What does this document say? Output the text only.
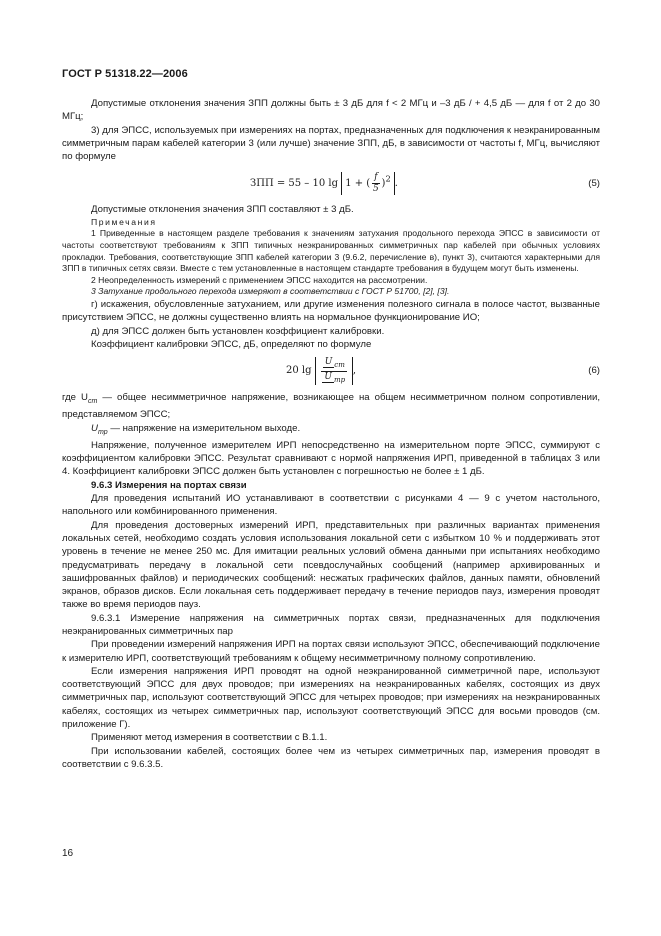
ГОСТ Р 51318.22—2006

Допустимые отклонения значения ЗПП должны быть ± 3 дБ для f < 2 МГц и –3 дБ / + 4,5 дБ — для f от 2 до 30 МГц;

3) для ЭПСС, используемых при измерениях на портах, предназначенных для подключения к неэкранированным симметричным парам кабелей категории 3 (или лучше) значение ЗПП, дБ, в зависимости от частоты f, МГц, вычисляют по формуле

ЗПП = 55 – 10 lg
1 + ( $\frac{f}{5} )^2$ .	(5)

Допустимые отклонения значения ЗПП составляют ± 3 дБ.

Примечания

1 Приведенные в настоящем разделе требования к значениям затухания продольного перехода ЭПСС в зависимости от частоты соответствуют требованиям к ЗПП типичных неэкранированных симметричных пар кабелей при обычных условиях прокладки. Требования, соответствующие ЗПП кабелей категории 3 (9.6.2, перечисление в), пункт 3), считаются характерными для ЗПП в типичных сетях связи. Вместе с тем установленные в настоящем стандарте требования в будущем могут быть изменены.

2 Неопределенность измерений с применением ЭПСС находится на рассмотрении.

3 Затухание продольного перехода измеряют в соответствии с ГОСТ Р 51700, [2], [3].

г) искажения, обусловленные затуханием, или другие изменения полезного сигнала в полосе частот, вызванные присутствием ЭПСС, не должны существенно влиять на нормальное функционирование ИО;

д) для ЭПСС должен быть установлен коэффициент калибровки.

Коэффициент калибровки ЭПСС, дБ, определяют по формуле

20 lg
$\frac{U _{cm}}{U _{mp}}$ ,	(6)

где $U_{cm}$ — общее несимметричное напряжение, возникающее на общем несимметричном полном сопротивлении, представляемом ЭПСС;

$U_{mp}$ — напряжение на измерительном выходе.

Напряжение, полученное измерителем ИРП непосредственно на измерительном порте ЭПСС, суммируют с коэффициентом калибровки ЭПСС. Результат сравнивают с нормой напряжения ИРП, приведенной в таблицах 3 или 4. Коэффициент калибровки ЭПСС должен быть установлен с погрешностью не более ± 1 дБ.

9.6.3 Измерения на портах связи

Для проведения испытаний ИО устанавливают в соответствии с рисунками 4 — 9 с учетом настольного, напольного или комбинированного применения.

Для проведения достоверных измерений ИРП, представительных при различных вариантах применения локальных сетей, необходимо создать условия использования локальной сети с избытком 10 % и поддерживать этот уровень в течение не менее 250 мс. Для имитации реальных условий обмена данными при испытаниях необходимо предусматривать передачу в локальной сети псевдослучайных сообщений (например архивированных и зашифрованных файлов) и периодических сообщений: несжатых графических файлов, данных памяти, обновлений экранов, образов дисков. Если локальная сеть поддерживает передачу в течение периодов пауз, измерения проводят также во время периодов пауз.

9.6.3.1 Измерение напряжения на симметричных портах связи, предназначенных для подключения неэкранированных симметричных пар

При проведении измерений напряжения ИРП на портах связи используют ЭПСС, обеспечивающий подключение к измерителю ИРП, соответствующий требованиям к общему несимметричному полному сопротивлению.

Если измерения напряжения ИРП проводят на одной неэкранированной симметричной паре, используют соответствующий ЭПСС для двух проводов; при измерениях на неэкранированных кабелях, состоящих из двух симметричных пар, используют соответствующий ЭПСС для четырех проводов; при измерениях на неэкранированных кабелях, состоящих из четырех симметричных пар, используют соответствующий ЭПСС для восьми проводов (см. приложение Г).

Применяют метод измерения в соответствии с В.1.1.

При использовании кабелей, состоящих более чем из четырех симметричных пар, измерения проводят в соответствии с 9.6.3.5.

16
